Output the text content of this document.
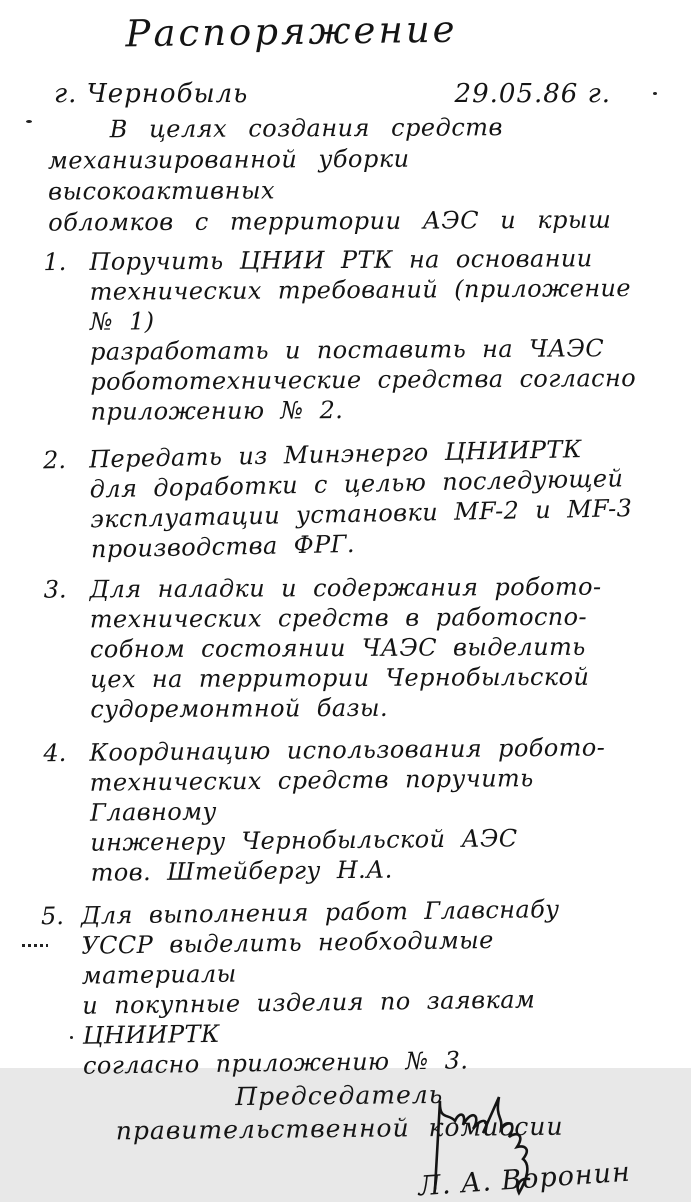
Распоряжение
г. Чернобыль	29.05.86 г.

В целях создания средств
механизированной уборки высокоактивных
обломков с территории АЭС и крыш

1. Поручить ЦНИИ РТК на основании
технических требований (приложение № 1)
разработать и поставить на ЧАЭС
робототехнические средства согласно
приложению № 2.
2. Передать из Минэнерго ЦНИИРТК
для доработки с целью последующей
эксплуатации установки MF-2 и MF-3
производства ФРГ.
3. Для наладки и содержания робото-
технических средств в работоспо-
собном состоянии ЧАЭС выделить
цех на территории Чернобыльской
судоремонтной базы.
4. Координацию использования робото-
технических средств поручить Главному
инженеру Чернобыльской АЭС
тов. Штейбергу Н.А.
5. Для выполнения работ Главснабу
УССР выделить необходимые материалы
и покупные изделия по заявкам ЦНИИРТК
согласно приложению № 3.
Председатель
правительственной комиссии
Л. А. Воронин
